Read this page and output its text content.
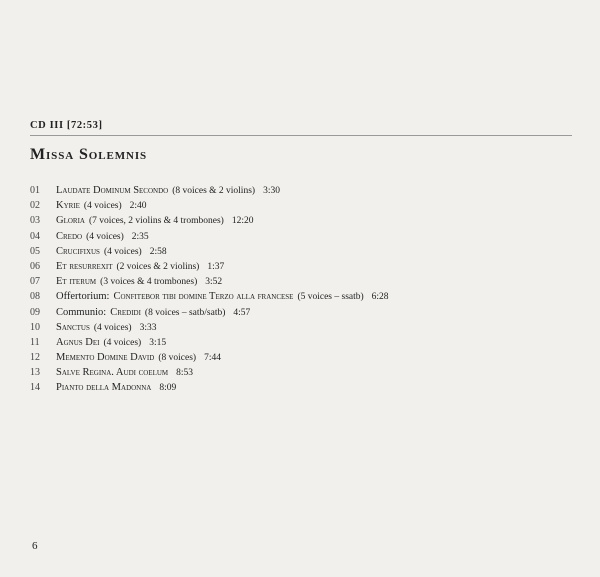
CD III [72:53]
Missa Solemnis
01	Laudate Dominum Secondo (8 voices & 2 violins) 3:30
02	Kyrie (4 voices) 2:40
03	Gloria (7 voices, 2 violins & 4 trombones) 12:20
04	Credo (4 voices) 2:35
05	Crucifixus (4 voices) 2:58
06	Et resurrexit (2 voices & 2 violins) 1:37
07	Et iterum (3 voices & 4 trombones) 3:52
08	Offertorium: Confitebor tibi domine Terzo alla francese (5 voices – ssatb) 6:28
09	Communio: Credidi (8 voices – satb/satb) 4:57
10	Sanctus (4 voices) 3:33
11	Agnus Dei (4 voices) 3:15
12	Memento Domine David (8 voices) 7:44
13	Salve Regina. Audi coelum 8:53
14	Pianto della Madonna 8:09
6
